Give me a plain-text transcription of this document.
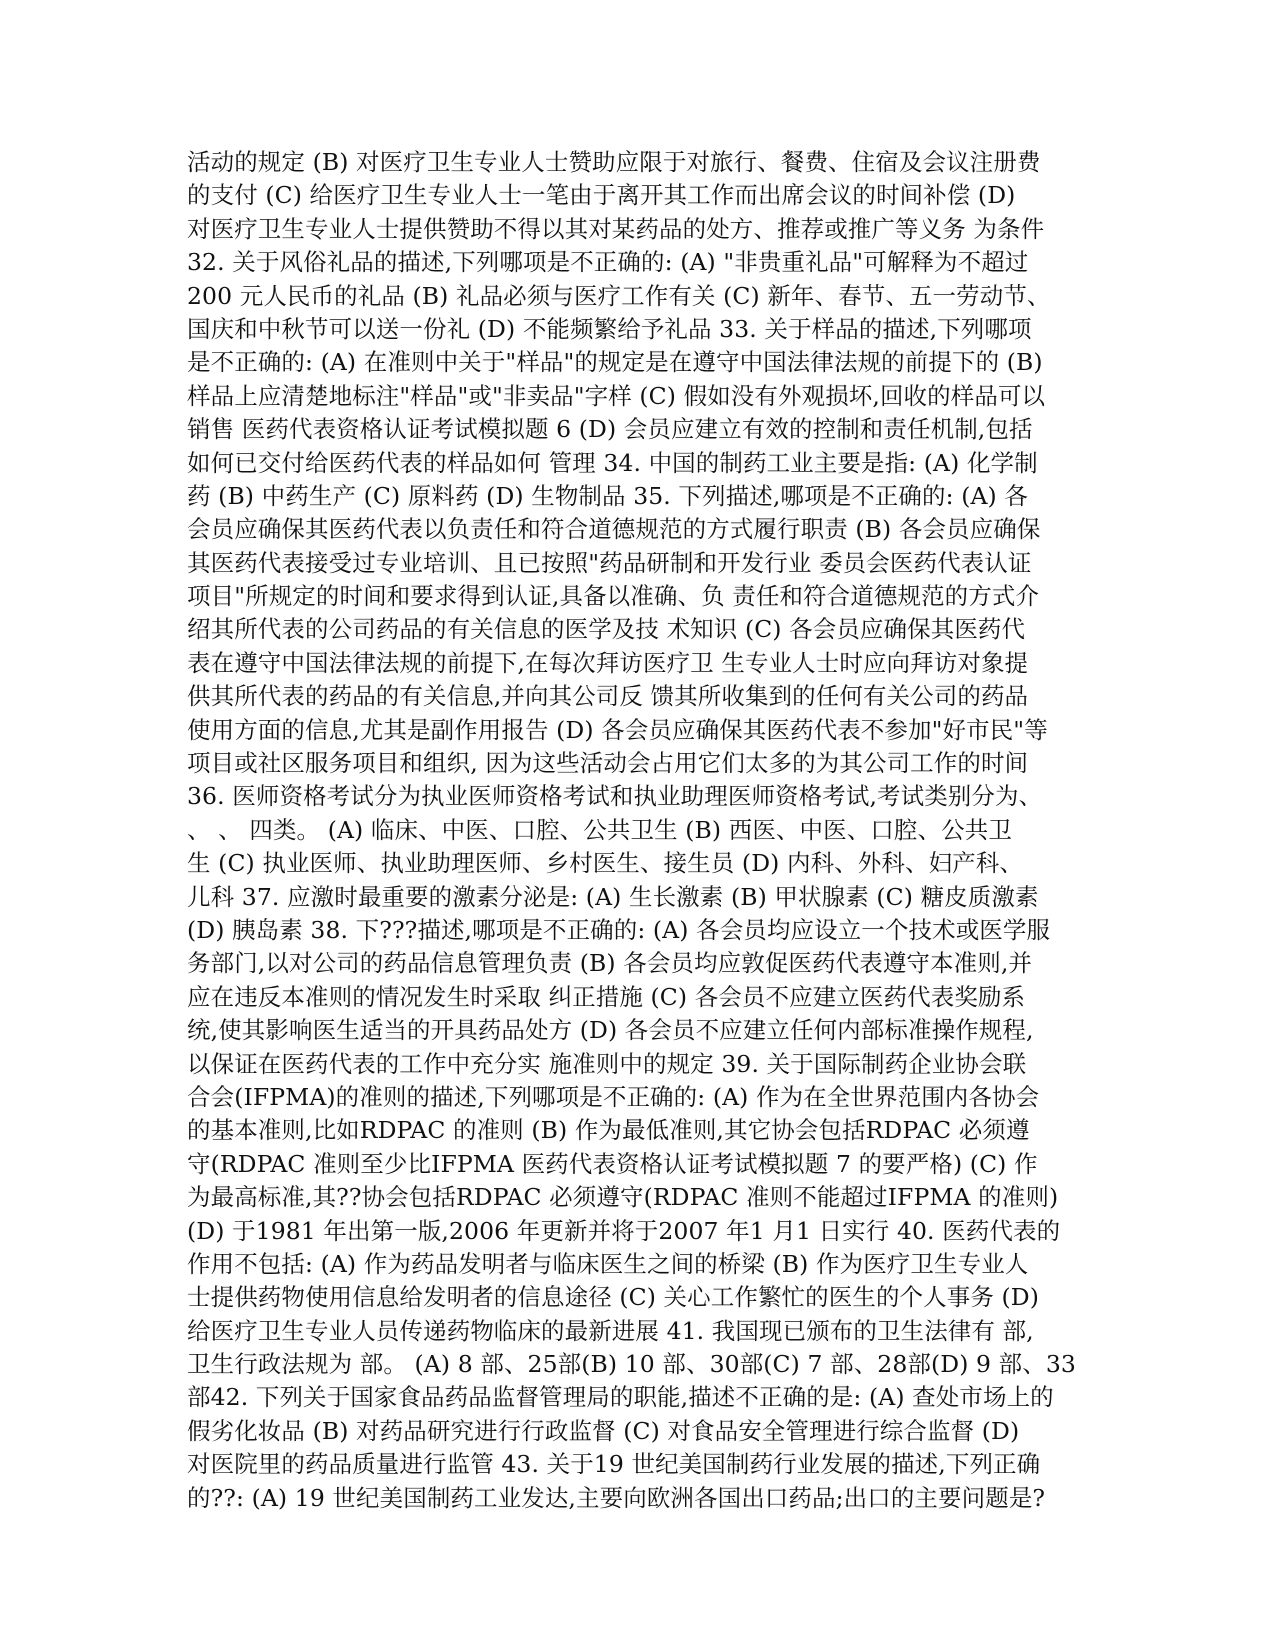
活动的规定 (B) 对医疗卫生专业人士赞助应限于对旅行、餐费、住宿及会议注册费
的支付 (C) 给医疗卫生专业人士一笔由于离开其工作而出席会议的时间补偿 (D)
对医疗卫生专业人士提供赞助不得以其对某药品的处方、推荐或推广等义务 为条件
32. 关于风俗礼品的描述,下列哪项是不正确的: (A) "非贵重礼品"可解释为不超过
200 元人民币的礼品 (B) 礼品必须与医疗工作有关 (C) 新年、春节、五一劳动节、
国庆和中秋节可以送一份礼 (D) 不能频繁给予礼品 33. 关于样品的描述,下列哪项
是不正确的: (A) 在准则中关于"样品"的规定是在遵守中国法律法规的前提下的 (B)
样品上应清楚地标注"样品"或"非卖品"字样 (C) 假如没有外观损坏,回收的样品可以
销售 医药代表资格认证考试模拟题 6 (D) 会员应建立有效的控制和责任机制,包括
如何已交付给医药代表的样品如何 管理 34. 中国的制药工业主要是指: (A) 化学制
药 (B) 中药生产 (C) 原料药 (D) 生物制品 35. 下列描述,哪项是不正确的: (A) 各
会员应确保其医药代表以负责任和符合道德规范的方式履行职责 (B) 各会员应确保
其医药代表接受过专业培训、且已按照"药品研制和开发行业 委员会医药代表认证
项目"所规定的时间和要求得到认证,具备以准确、负 责任和符合道德规范的方式介
绍其所代表的公司药品的有关信息的医学及技 术知识 (C) 各会员应确保其医药代
表在遵守中国法律法规的前提下,在每次拜访医疗卫 生专业人士时应向拜访对象提
供其所代表的药品的有关信息,并向其公司反 馈其所收集到的任何有关公司的药品
使用方面的信息,尤其是副作用报告 (D) 各会员应确保其医药代表不参加"好市民"等
项目或社区服务项目和组织, 因为这些活动会占用它们太多的为其公司工作的时间
36. 医师资格考试分为执业医师资格考试和执业助理医师资格考试,考试类别分为、
、 、 四类。 (A) 临床、中医、口腔、公共卫生 (B) 西医、中医、口腔、公共卫
生 (C) 执业医师、执业助理医师、乡村医生、接生员 (D) 内科、外科、妇产科、
儿科 37. 应激时最重要的激素分泌是: (A) 生长激素 (B) 甲状腺素 (C) 糖皮质激素
(D) 胰岛素 38. 下???描述,哪项是不正确的: (A) 各会员均应设立一个技术或医学服
务部门,以对公司的药品信息管理负责 (B) 各会员均应敦促医药代表遵守本准则,并
应在违反本准则的情况发生时采取 纠正措施 (C) 各会员不应建立医药代表奖励系
统,使其影响医生适当的开具药品处方 (D) 各会员不应建立任何内部标准操作规程,
以保证在医药代表的工作中充分实 施准则中的规定 39. 关于国际制药企业协会联
合会(IFPMA)的准则的描述,下列哪项是不正确的: (A) 作为在全世界范围内各协会
的基本准则,比如RDPAC 的准则 (B) 作为最低准则,其它协会包括RDPAC 必须遵
守(RDPAC 准则至少比IFPMA 医药代表资格认证考试模拟题 7 的要严格) (C) 作
为最高标准,其??协会包括RDPAC 必须遵守(RDPAC 准则不能超过IFPMA 的准则)
(D) 于1981 年出第一版,2006 年更新并将于2007 年1 月1 日实行 40. 医药代表的
作用不包括: (A) 作为药品发明者与临床医生之间的桥梁 (B) 作为医疗卫生专业人
士提供药物使用信息给发明者的信息途径 (C) 关心工作繁忙的医生的个人事务 (D)
给医疗卫生专业人员传递药物临床的最新进展 41. 我国现已颁布的卫生法律有 部,
卫生行政法规为 部。 (A) 8 部、25部(B) 10 部、30部(C) 7 部、28部(D) 9 部、33
部42. 下列关于国家食品药品监督管理局的职能,描述不正确的是: (A) 查处市场上的
假劣化妆品 (B) 对药品研究进行行政监督 (C) 对食品安全管理进行综合监督 (D)
对医院里的药品质量进行监管 43. 关于19 世纪美国制药行业发展的描述,下列正确
的??: (A) 19 世纪美国制药工业发达,主要向欧洲各国出口药品;出口的主要问题是?
